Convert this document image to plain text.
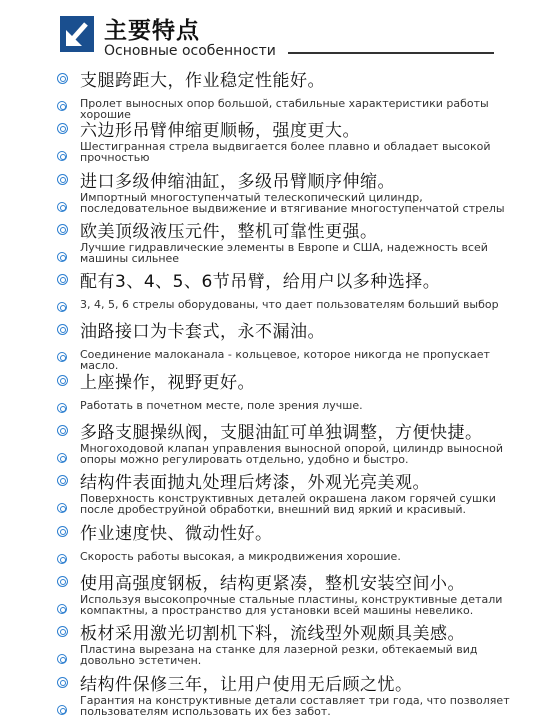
主要特点
Основные особенности
支腿跨距大，作业稳定性能好。
Пролет выносных опор большой, стабильные характеристики работы хорошие
六边形吊臂伸缩更顺畅，强度更大。
Шестигранная стрела выдвигается более плавно и обладает высокой прочностью
进口多级伸缩油缸，多级吊臂顺序伸缩。
Импортный многоступенчатый телескопический цилиндр, последовательное выдвижение и втягивание многоступенчатой стрелы
欧美顶级液压元件，整机可靠性更强。
Лучшие гидравлические элементы в Европе и США, надежность всей машины сильнее
配有3、4、5、6节吊臂，给用户以多种选择。
3, 4, 5, 6 стрелы оборудованы, что дает пользователям больший выбор
油路接口为卡套式，永不漏油。
Соединение малоканала - кольцевое, которое никогда не пропускает масло.
上座操作，视野更好。
Работать в почетном месте, поле зрения лучше.
多路支腿操纵阀，支腿油缸可单独调整，方便快捷。
Многоходовой клапан управления выносной опорой, цилиндр выносной опоры можно регулировать отдельно, удобно и быстро.
结构件表面抛丸处理后烤漆，外观光亮美观。
Поверхность конструктивных деталей окрашена лаком горячей сушки после дробеструйной обработки, внешний вид яркий и красивый.
作业速度快、微动性好。
Скорость работы высокая, а микродвижения хорошие.
使用高强度钢板，结构更紧凑，整机安装空间小。
Используя высокопрочные стальные пластины, конструктивные детали компактны, а пространство для установки всей машины невелико.
板材采用激光切割机下料，流线型外观颇具美感。
Пластина вырезана на станке для лазерной резки, обтекаемый вид довольно эстетичен.
结构件保修三年，让用户使用无后顾之忧。
Гарантия на конструктивные детали составляет три года, что позволяет пользователям использовать их без забот.
